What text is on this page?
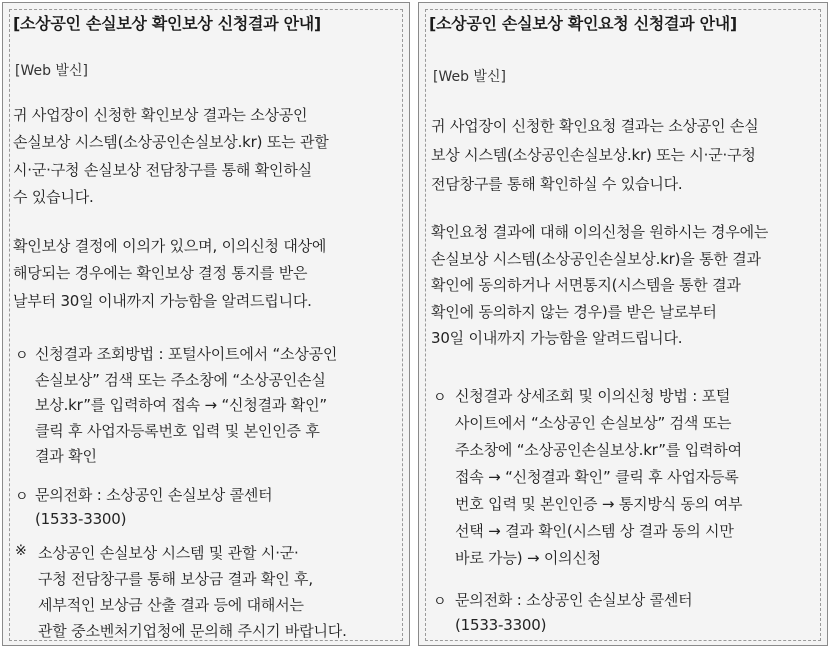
[소상공인 손실보상 확인보상 신청결과 안내]
[Web 발신]
귀 사업장이 신청한 확인보상 결과는 소상공인
손실보상 시스템(소상공인손실보상.kr) 또는 관할
시·군·구청 손실보상 전담창구를 통해 확인하실
수 있습니다.
확인보상 결정에 이의가 있으며, 이의신청 대상에
해당되는 경우에는 확인보상 결정 통지를 받은
날부터 30일 이내까지 가능함을 알려드립니다.
ㅇ 신청결과 조회방법 : 포털사이트에서 “소상공인
손실보상” 검색 또는 주소창에 “소상공인손실
보상.kr”를 입력하여 접속 → “신청결과 확인”
클릭 후 사업자등록번호 입력 및 본인인증 후
결과 확인
ㅇ 문의전화 : 소상공인 손실보상 콜센터
(1533-3300)
※ 소상공인 손실보상 시스템 및 관할 시·군·
구청 전담창구를 통해 보상금 결과 확인 후,
세부적인 보상금 산출 결과 등에 대해서는
관할 중소벤처기업청에 문의해 주시기 바랍니다.
[소상공인 손실보상 확인요청 신청결과 안내]
[Web 발신]
귀 사업장이 신청한 확인요청 결과는 소상공인 손실
보상 시스템(소상공인손실보상.kr) 또는 시·군·구청
전담창구를 통해 확인하실 수 있습니다.
확인요청 결과에 대해 이의신청을 원하시는 경우에는
손실보상 시스템(소상공인손실보상.kr)을 통한 결과
확인에 동의하거나 서면통지(시스템을 통한 결과
확인에 동의하지 않는 경우)를 받은 날로부터
30일 이내까지 가능함을 알려드립니다.
ㅇ 신청결과 상세조회 및 이의신청 방법 : 포털
사이트에서 “소상공인 손실보상” 검색 또는
주소창에 “소상공인손실보상.kr”를 입력하여
접속 → “신청결과 확인” 클릭 후 사업자등록
번호 입력 및 본인인증 → 통지방식 동의 여부
선택 → 결과 확인(시스템 상 결과 동의 시만
바로 가능) → 이의신청
ㅇ 문의전화 : 소상공인 손실보상 콜센터
(1533-3300)
